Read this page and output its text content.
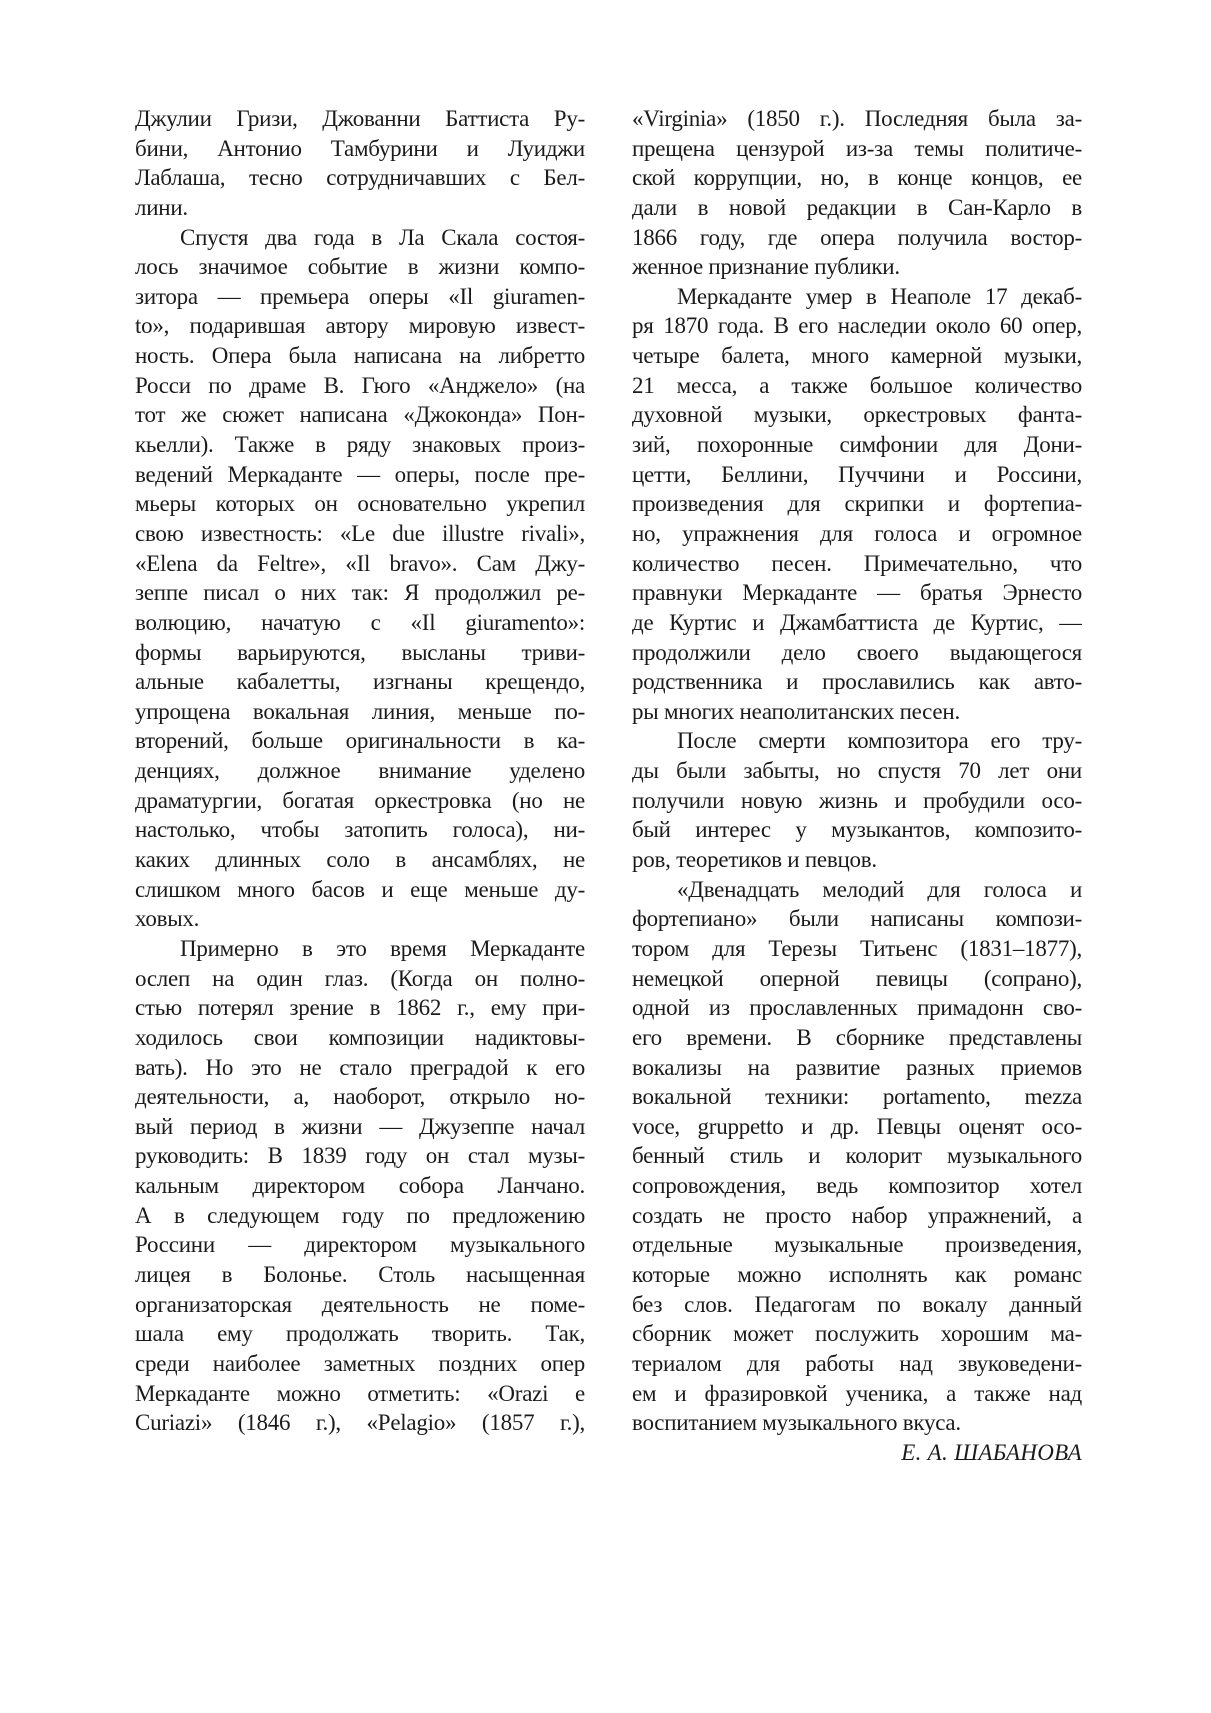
Джулии Гризи, Джованни Баттиста Ру-
бини, Антонио Тамбурини и Луиджи
Лаблаша, тесно сотрудничавших с Бел-
лини.
Спустя два года в Ла Скала состоя-
лось значимое событие в жизни компо-
зитора — премьера оперы «Il giuramen-
to», подарившая автору мировую извест-
ность. Опера была написана на либретто
Росси по драме В. Гюго «Анджело» (на
тот же сюжет написана «Джоконда» Пон-
кьелли). Также в ряду знаковых произ-
ведений Меркаданте — оперы, после пре-
мьеры которых он основательно укрепил
свою известность: «Le due illustre rivali»,
«Elena da Feltre», «Il bravo». Сам Джу-
зеппе писал о них так: Я продолжил ре-
волюцию, начатую с «Il giuramento»:
формы варьируются, высланы триви-
альные кабалетты, изгнаны крещендо,
упрощена вокальная линия, меньше по-
вторений, больше оригинальности в ка-
денциях, должное внимание уделено
драматургии, богатая оркестровка (но не
настолько, чтобы затопить голоса), ни-
каких длинных соло в ансамблях, не
слишком много басов и еще меньше ду-
ховых.
Примерно в это время Меркаданте
ослеп на один глаз. (Когда он полно-
стью потерял зрение в 1862 г., ему при-
ходилось свои композиции надиктовы-
вать). Но это не стало преградой к его
деятельности, а, наоборот, открыло но-
вый период в жизни — Джузеппе начал
руководить: В 1839 году он стал музы-
кальным директором собора Ланчано.
А в следующем году по предложению
Россини — директором музыкального
лицея в Болонье. Столь насыщенная
организаторская деятельность не поме-
шала ему продолжать творить. Так,
среди наиболее заметных поздних опер
Меркаданте можно отметить: «Orazi e
Curiazi» (1846 г.), «Pelagio» (1857 г.),
«Virginia» (1850 г.). Последняя была за-
прещена цензурой из-за темы политиче-
ской коррупции, но, в конце концов, ее
дали в новой редакции в Сан-Карло в
1866 году, где опера получила востор-
женное признание публики.
Меркаданте умер в Неаполе 17 декаб-
ря 1870 года. В его наследии около 60 опер,
четыре балета, много камерной музыки,
21 месса, а также большое количество
духовной музыки, оркестровых фанта-
зий, похоронные симфонии для Дони-
цетти, Беллини, Пуччини и Россини,
произведения для скрипки и фортепиа-
но, упражнения для голоса и огромное
количество песен. Примечательно, что
правнуки Меркаданте — братья Эрнесто
де Куртис и Джамбаттиста де Куртис, —
продолжили дело своего выдающегося
родственника и прославились как авто-
ры многих неаполитанских песен.
После смерти композитора его тру-
ды были забыты, но спустя 70 лет они
получили новую жизнь и пробудили осо-
бый интерес у музыкантов, композито-
ров, теоретиков и певцов.
«Двенадцать мелодий для голоса и
фортепиано» были написаны компози-
тором для Терезы Титьенс (1831–1877),
немецкой оперной певицы (сопрано),
одной из прославленных примадонн сво-
его времени. В сборнике представлены
вокализы на развитие разных приемов
вокальной техники: portamento, mezza
voce, gruppetto и др. Певцы оценят осо-
бенный стиль и колорит музыкального
сопровождения, ведь композитор хотел
создать не просто набор упражнений, а
отдельные музыкальные произведения,
которые можно исполнять как романс
без слов. Педагогам по вокалу данный
сборник может послужить хорошим ма-
териалом для работы над звуковедени-
ем и фразировкой ученика, а также над
воспитанием музыкального вкуса.
Е. А. ШАБАНОВА
